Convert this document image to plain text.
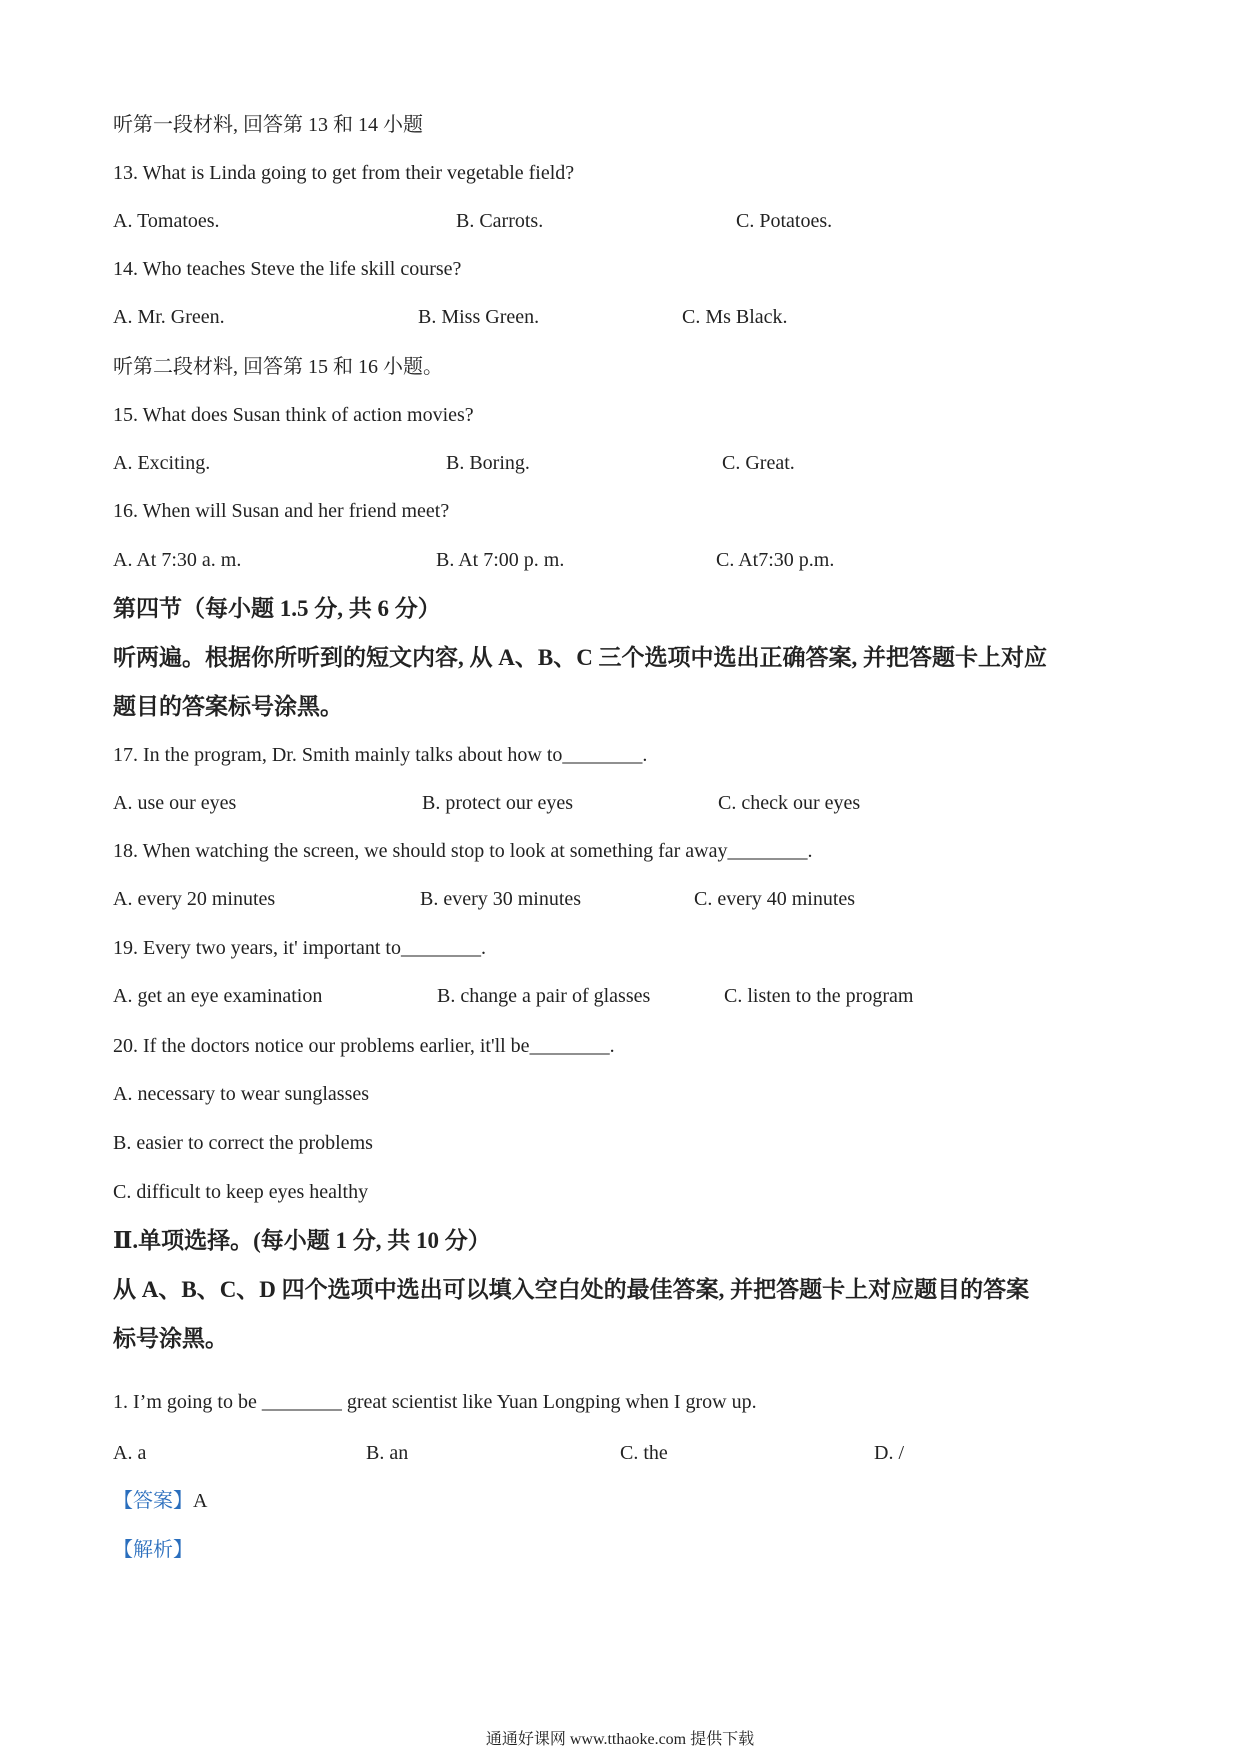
听第一段材料, 回答第 13 和 14 小题
13. What is Linda going to get from their vegetable field?
A. Tomatoes.	B. Carrots.	C. Potatoes.
14. Who teaches Steve the life skill course?
A. Mr. Green.	B. Miss Green.	C. Ms Black.
听第二段材料, 回答第 15 和 16 小题。
15. What does Susan think of action movies?
A. Exciting.	B. Boring.	C. Great.
16. When will Susan and her friend meet?
A. At 7:30 a. m.	B. At 7:00 p. m.	C. At7:30 p.m.
第四节（每小题 1.5 分, 共 6 分）
听两遍。根据你所听到的短文内容, 从 A、B、C 三个选项中选出正确答案, 并把答题卡上对应
题目的答案标号涂黑。
17. In the program, Dr. Smith mainly talks about how to________.
A. use our eyes	B. protect our eyes	C. check our eyes
18. When watching the screen, we should stop to look at something far away________.
A. every 20 minutes	B. every 30 minutes	C. every 40 minutes
19. Every two years, it' important to________.
A. get an eye examination	B. change a pair of glasses	C. listen to the program
20. If the doctors notice our problems earlier, it'll be________.
A. necessary to wear sunglasses
B. easier to correct the problems
C. difficult to keep eyes healthy
Ⅱ.单项选择。(每小题 1 分, 共 10 分）
从 A、B、C、D 四个选项中选出可以填入空白处的最佳答案, 并把答题卡上对应题目的答案
标号涂黑。
1. I’m going to be ________ great scientist like Yuan Longping when I grow up.
A. a	B. an	C. the	D. /
【答案】A
【解析】
通通好课网 www.tthaoke.com 提供下载
